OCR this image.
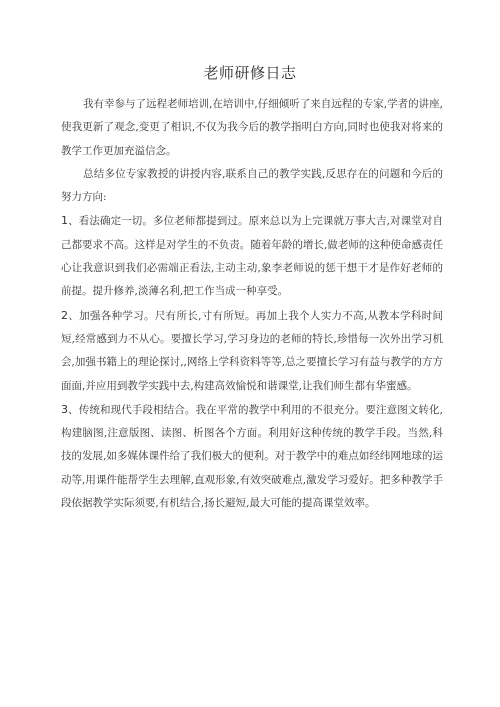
老师研修日志

我有幸参与了远程老师培训,在培训中,仔细倾听了来自远程的专家,学者的讲座,使我更新了观念,变更了相识,不仅为我今后的教学指明白方向,同时也使我对将来的教学工作更加充溢信念。

总结多位专家教授的讲授内容,联系自己的教学实践,反思存在的问题和今后的努力方向:

1、看法确定一切。多位老师都提到过。原来总以为上完课就万事大吉,对课堂对自己都要求不高。这样是对学生的不负责。随着年龄的增长,做老师的这种使命感责任心让我意识到我们必需端正看法,主动主动,象李老师说的惩干想干才是作好老师的前提。提升修养,淡薄名利,把工作当成一种享受。

2、加强各种学习。尺有所长,寸有所短。再加上我个人实力不高,从教本学科时间短,经常感到力不从心。要擅长学习,学习身边的老师的特长,珍惜每一次外出学习机会,加强书籍上的理论探讨,,网络上学科资料等等,总之要擅长学习有益与教学的方方面面,并应用到教学实践中去,构建高效愉悦和谐课堂,让我们师生都有华蜜感。

3、传统和现代手段相结合。我在平常的教学中利用的不很充分。要注意图文转化,构建脑图,注意版图、读图、析图各个方面。利用好这种传统的教学手段。当然,科技的发展,如多媒体课件给了我们极大的便利。对于教学中的难点如经纬网地球的运动等,用课件能帮学生去理解,直观形象,有效突破难点,激发学习爱好。把多种教学手段依据教学实际须要,有机结合,扬长避短,最大可能的提高课堂效率。
